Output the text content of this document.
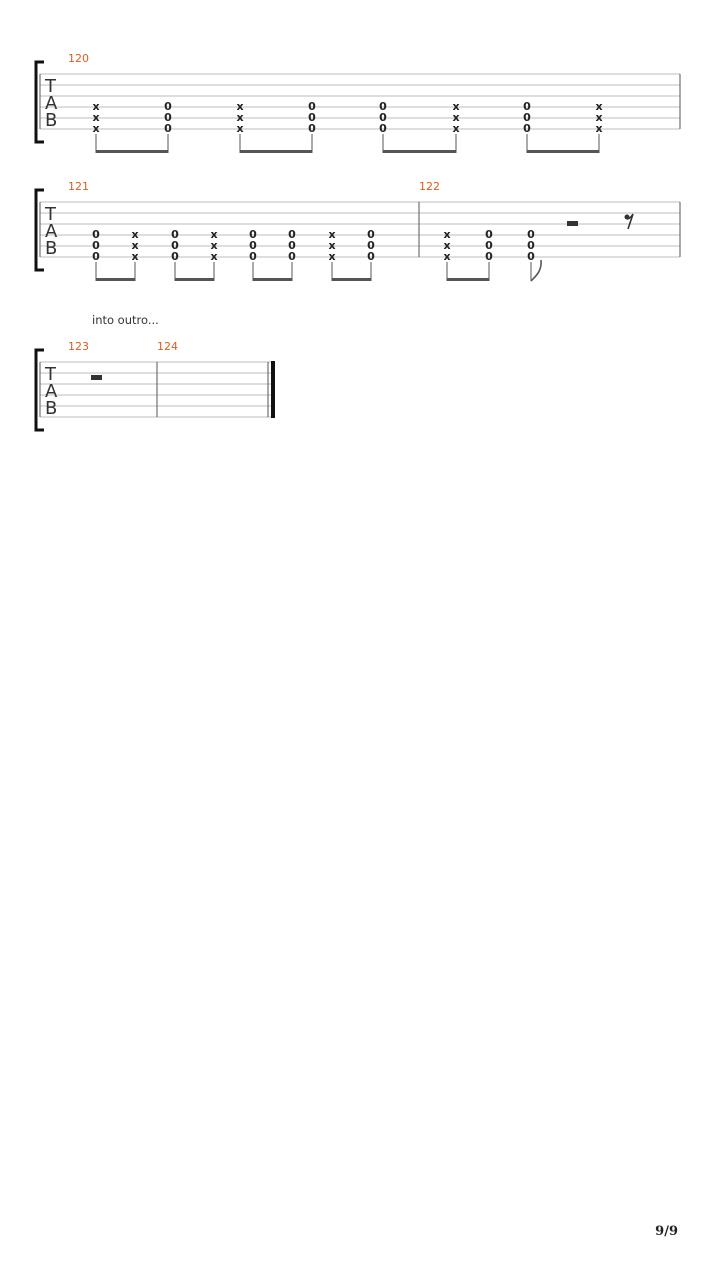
T
A
B
120
x
x
x
0
0
0
x
x
x
0
0
0
0
0
0
x
x
x
0
0
0
x
x
x
T
A
B
121	122
0
0
0
x
x
x
0
0
0
x
x
x
0
0
0
0
0
0
x
x
x
0
0
0
x
x
x
0
0
0
0
0
0
into outro...
T
A
B
123	124
9/9
